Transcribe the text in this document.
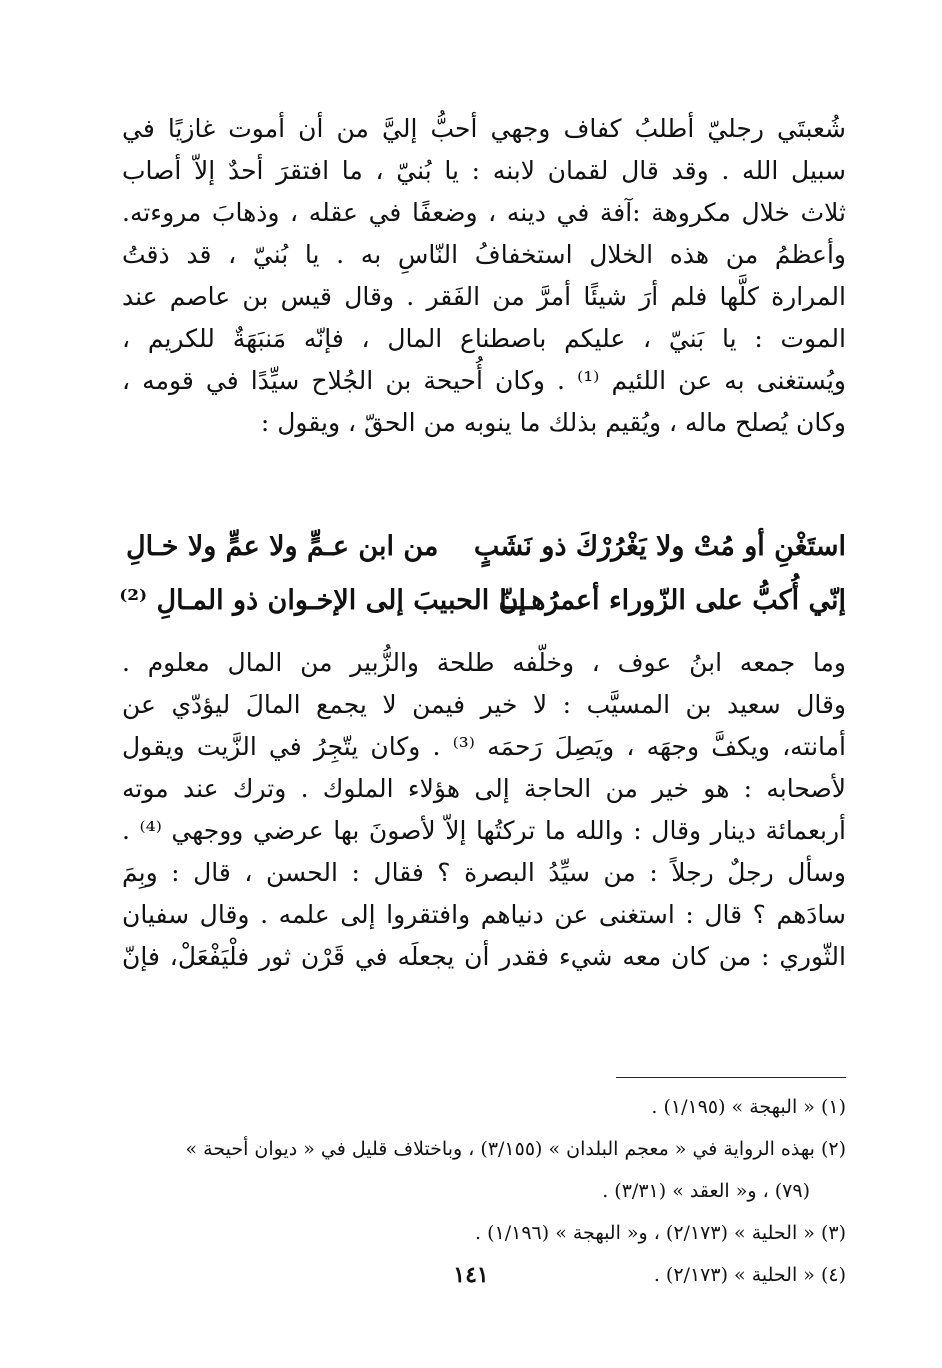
شُعبتَي رجليّ أطلبُ كفاف وجهي أحبُّ إليَّ من أن أموت غازيًا في
سبيل الله . وقد قال لقمان لابنه : يا بُنيّ ، ما افتقرَ أحدٌ إلاّ أصاب
ثلاث خلال مكروهة :آفة في دينه ، وضعفًا في عقله ، وذهابَ مروءته.
وأعظمُ من هذه الخلال استخفافُ النّاسِ به . يا بُنيّ ، قد ذقتُ
المرارة كلَّها فلم أرَ شيئًا أمرَّ من الفَقر . وقال قيس بن عاصم عند
الموت : يا بَنيّ ، عليكم باصطناع المال ، فإنّه مَنبَهَةٌ للكريم ،
ويُستغنى به عن اللئيم ⁽¹⁾ . وكان أُحيحة بن الجُلاح سيِّدًا في قومه ،
وكان يُصلح ماله ، ويُقيم بذلك ما ينوبه من الحقّ ، ويقول :
استَغْنِ أو مُتْ ولا يَغْرُرْكَ ذو نَشَبٍ
من ابن عـمٍّ ولا عمٍّ ولا خـالِ
إنّي أُكبُّ على الزّوراء أعمرُهـــا
إنّ الحبيبَ إلى الإخـوان ذو المـالِ ⁽²⁾
وما جمعه ابنُ عوف ، وخلّفه طلحة والزُّبير من المال معلوم .
وقال سعيد بن المسيَّب : لا خير فيمن لا يجمع المالَ ليؤدّي عن
أمانته، ويكفَّ وجهَه ، ويَصِلَ رَحمَه ⁽³⁾ . وكان يتّجِرُ في الزَّيت ويقول
لأصحابه : هو خير من الحاجة إلى هؤلاء الملوك . وترك عند موته
أربعمائة دينار وقال : والله ما تركتُها إلاّ لأصونَ بها عرضي ووجهي ⁽⁴⁾ .
وسأل رجلٌ رجلاً : من سيِّدُ البصرة ؟ فقال : الحسن ، قال : وبِمَ
سادَهم ؟ قال : استغنى عن دنياهم وافتقروا إلى علمه . وقال سفيان
الثّوري : من كان معه شيء فقدر أن يجعلَه في قَرْن ثور فلْيَفْعَلْ، فإنّ
(١) « البهجة » (١/١٩٥) .
(٢) بهذه الرواية في « معجم البلدان » (٣/١٥٥) ، وباختلاف قليل في « ديوان أحيحة »
(٧٩) ، و« العقد » (٣/٣١) .
(٣) « الحلية » (٢/١٧٣) ، و« البهجة » (١/١٩٦) .
(٤) « الحلية » (٢/١٧٣) .
١٤١
